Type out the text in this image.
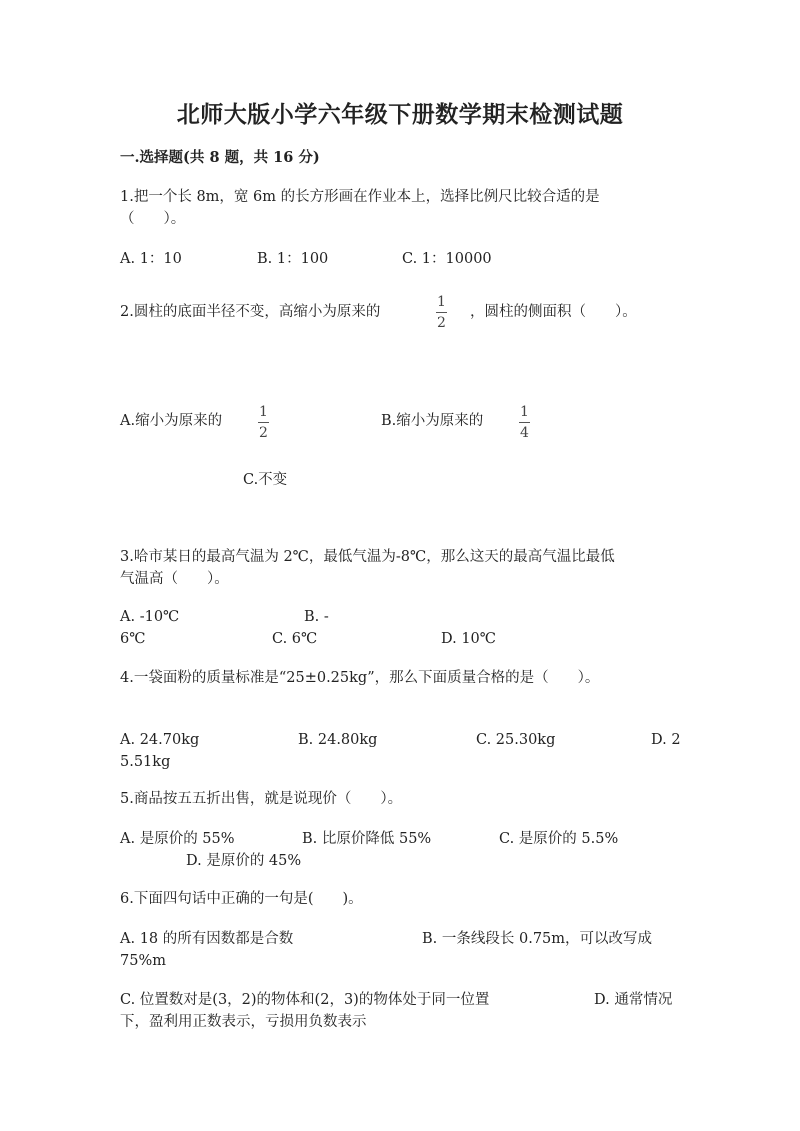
北师大版小学六年级下册数学期末检测试题
一.选择题(共 8 题，共 16 分)
1.把一个长 8m，宽 6m 的长方形画在作业本上，选择比例尺比较合适的是
（　　）。
A. 1：10	B. 1：100	C. 1：10000
2.圆柱的底面半径不变，高缩小为原来的
1
2
，圆柱的侧面积（　　）。
A.缩小为原来的
1
2
B.缩小为原来的
1
4
C.不变
3.哈市某日的最高气温为 2℃，最低气温为-8℃，那么这天的最高气温比最低
气温高（　　）。
A. -10℃	B. -
6℃	C. 6℃	D. 10℃
4.一袋面粉的质量标准是“25±0.25kg”，那么下面质量合格的是（　　）。
A. 24.70kg	B. 24.80kg	C. 25.30kg	D. 2
5.51kg
5.商品按五五折出售，就是说现价（　　）。
A. 是原价的 55%	B. 比原价降低 55%	C. 是原价的 5.5%
D. 是原价的 45%
6.下面四句话中正确的一句是(　　)。
A. 18 的所有因数都是合数	B. 一条线段长 0.75m，可以改写成
75%m
C. 位置数对是(3，2)的物体和(2，3)的物体处于同一位置	D. 通常情况
下，盈利用正数表示，亏损用负数表示
